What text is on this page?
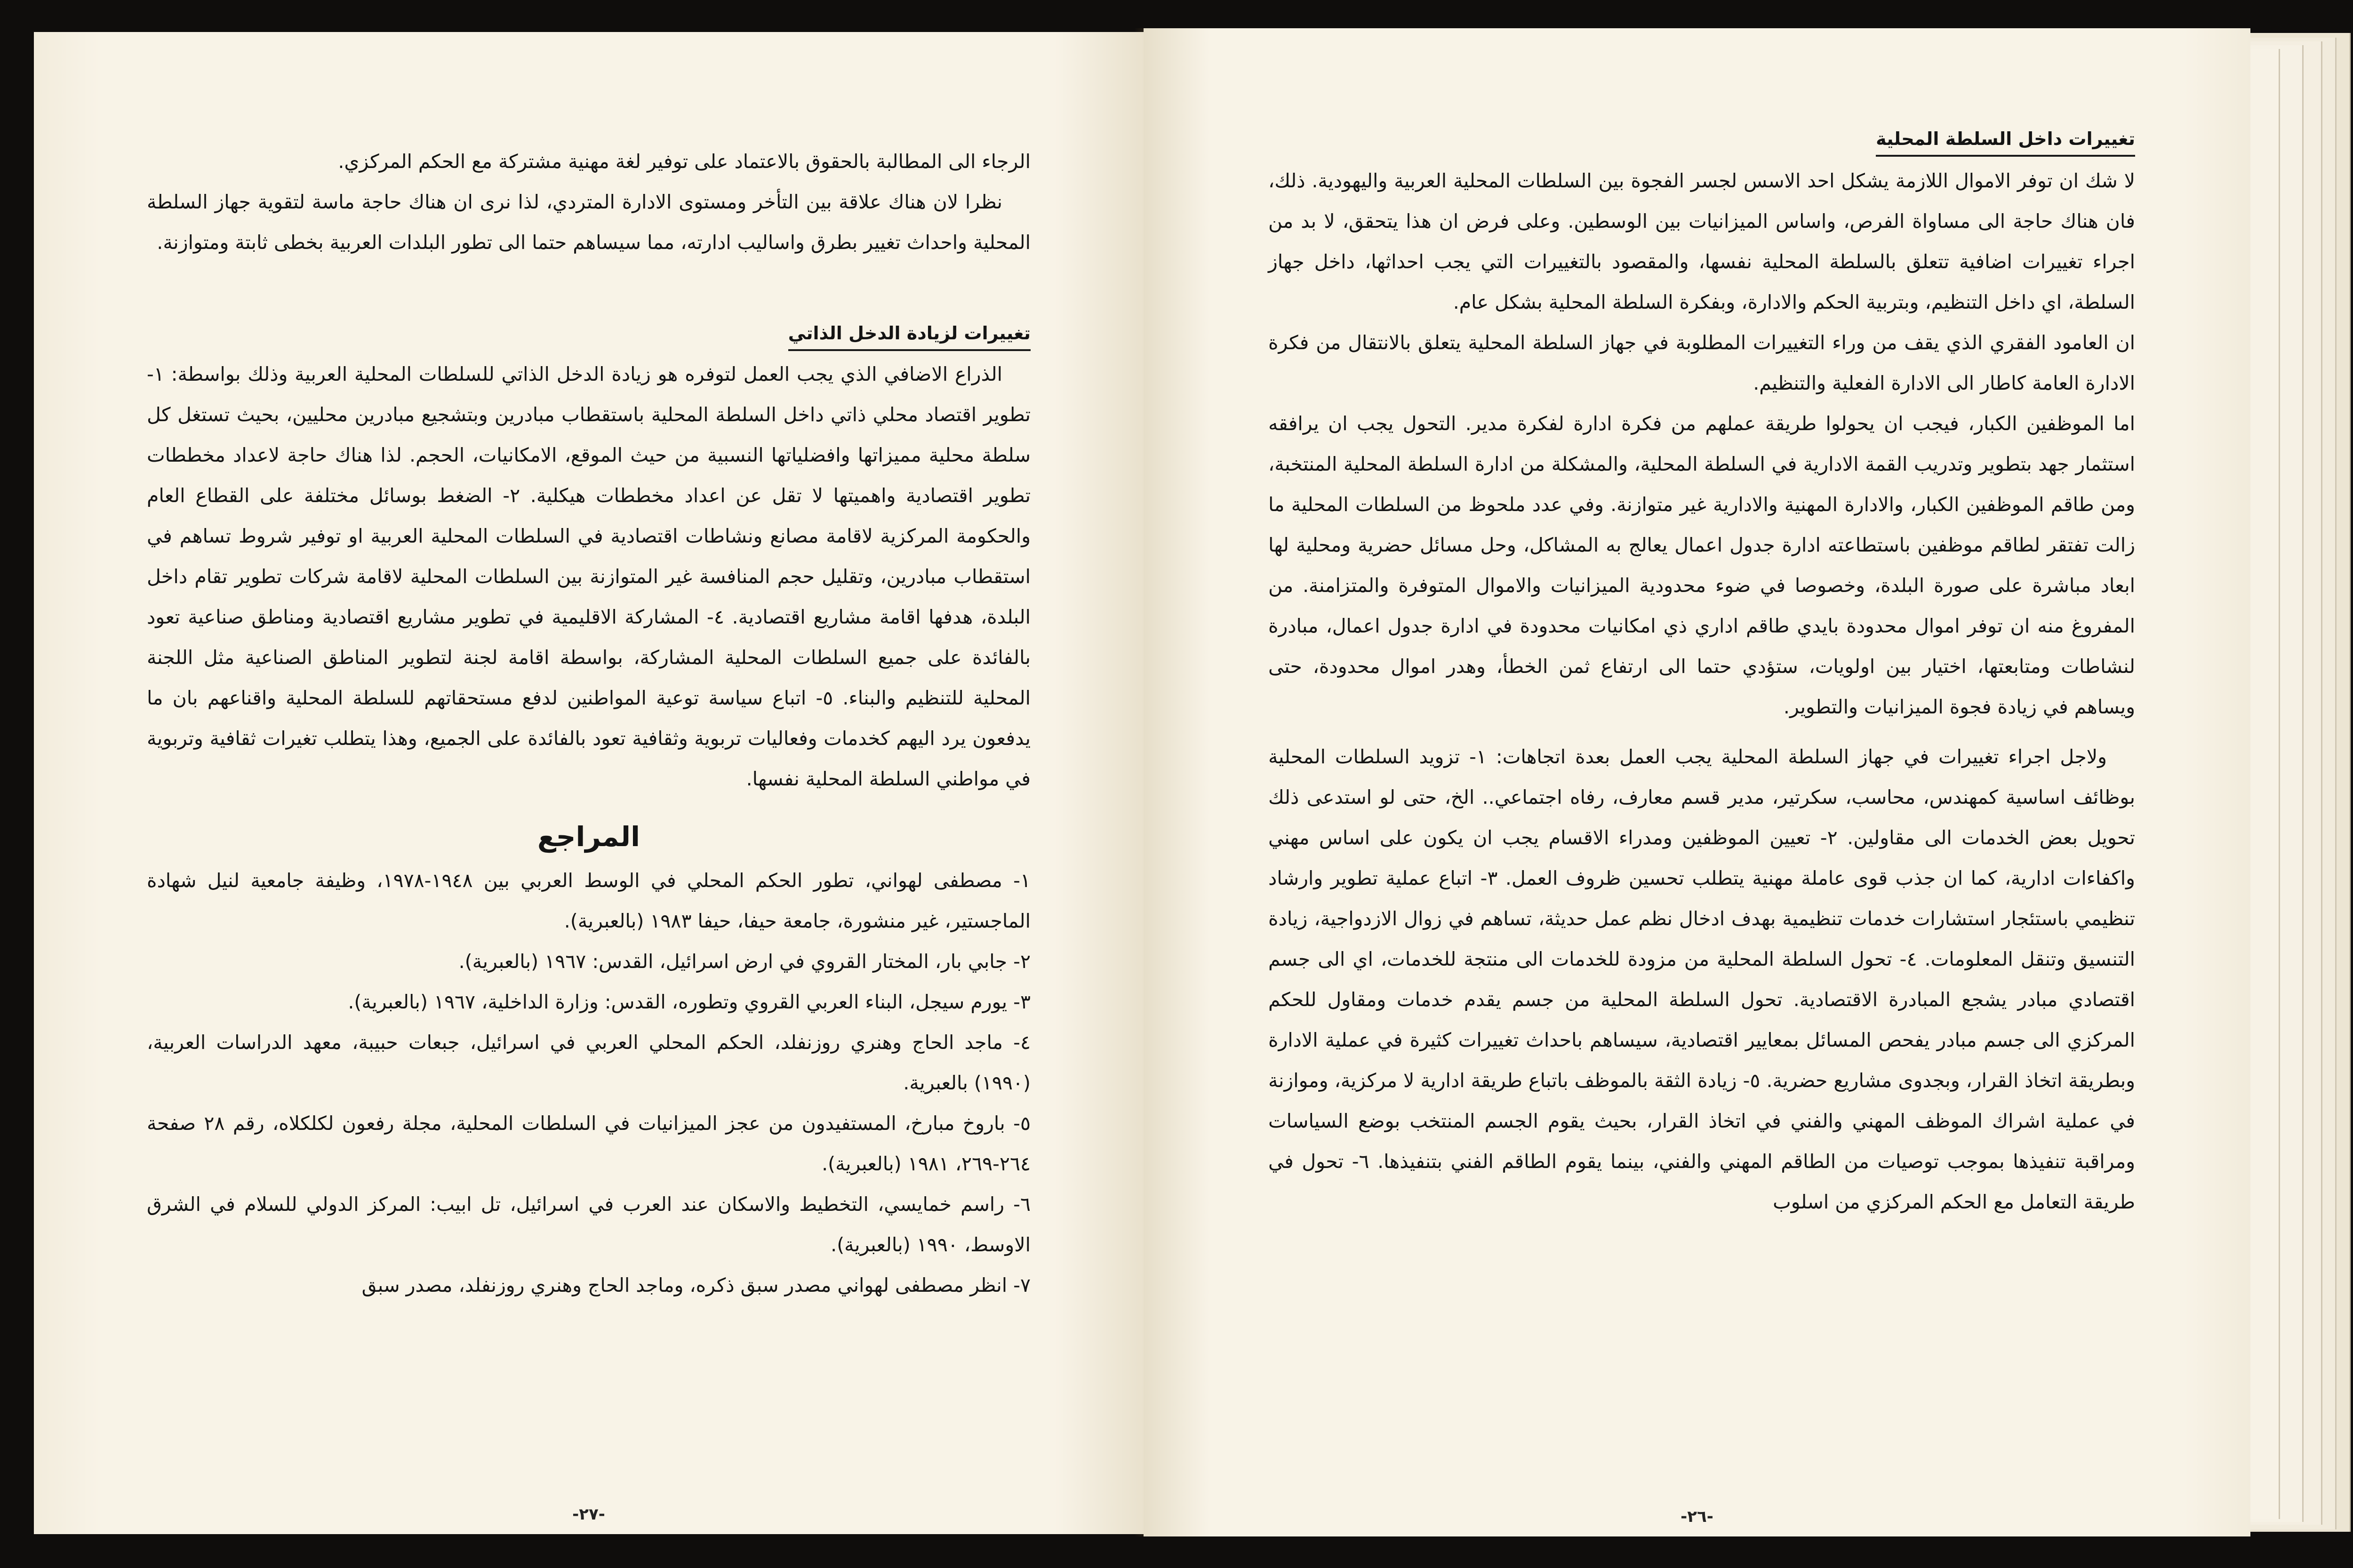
الرجاء الى المطالبة بالحقوق بالاعتماد على توفير لغة مهنية مشتركة مع الحكم المركزي.

نظرا لان هناك علاقة بين التأخر ومستوى الادارة المتردي، لذا نرى ان هناك حاجة ماسة لتقوية جهاز السلطة المحلية واحداث تغيير بطرق واساليب ادارته، مما سيساهم حتما الى تطور البلدات العربية بخطى ثابتة ومتوازنة.

تغييرات لزيادة الدخل الذاتي

الذراع الاضافي الذي يجب العمل لتوفره هو زيادة الدخل الذاتي للسلطات المحلية العربية وذلك بواسطة: ١- تطوير اقتصاد محلي ذاتي داخل السلطة المحلية باستقطاب مبادرين وبتشجيع مبادرين محليين، بحيث تستغل كل سلطة محلية مميزاتها وافضلياتها النسبية من حيث الموقع، الامكانيات، الحجم. لذا هناك حاجة لاعداد مخططات تطوير اقتصادية واهميتها لا تقل عن اعداد مخططات هيكلية. ٢- الضغط بوسائل مختلفة على القطاع العام والحكومة المركزية لاقامة مصانع ونشاطات اقتصادية في السلطات المحلية العربية او توفير شروط تساهم في استقطاب مبادرين، وتقليل حجم المنافسة غير المتوازنة بين السلطات المحلية لاقامة شركات تطوير تقام داخل البلدة، هدفها اقامة مشاريع اقتصادية. ٤- المشاركة الاقليمية في تطوير مشاريع اقتصادية ومناطق صناعية تعود بالفائدة على جميع السلطات المحلية المشاركة، بواسطة اقامة لجنة لتطوير المناطق الصناعية مثل اللجنة المحلية للتنظيم والبناء. ٥- اتباع سياسة توعية المواطنين لدفع مستحقاتهم للسلطة المحلية واقناعهم بان ما يدفعون يرد اليهم كخدمات وفعاليات تربوية وثقافية تعود بالفائدة على الجميع، وهذا يتطلب تغيرات ثقافية وتربوية في مواطني السلطة المحلية نفسها.

المراجع

١- مصطفى لهواني، تطور الحكم المحلي في الوسط العربي بين ١٩٤٨-١٩٧٨، وظيفة جامعية لنيل شهادة الماجستير، غير منشورة، جامعة حيفا، حيفا ١٩٨٣ (بالعبرية).

٢- جابي بار، المختار القروي في ارض اسرائيل، القدس: ١٩٦٧ (بالعبرية).

٣- يورم سيجل، البناء العربي القروي وتطوره، القدس: وزارة الداخلية، ١٩٦٧ (بالعبرية).

٤- ماجد الحاج وهنري روزنفلد، الحكم المحلي العربي في اسرائيل، جبعات حبيبة، معهد الدراسات العربية، (١٩٩٠) بالعبرية.

٥- باروخ مبارخ، المستفيدون من عجز الميزانيات في السلطات المحلية، مجلة رفعون لكلكلاه، رقم ٢٨ صفحة ٢٦٤-٢٦٩، ١٩٨١ (بالعبرية).

٦- راسم خمايسي، التخطيط والاسكان عند العرب في اسرائيل، تل ابيب: المركز الدولي للسلام في الشرق الاوسط، ١٩٩٠ (بالعبرية).

٧- انظر مصطفى لهواني مصدر سبق ذكره، وماجد الحاج وهنري روزنفلد، مصدر سبق

-٢٧-
تغييرات داخل السلطة المحلية

لا شك ان توفر الاموال اللازمة يشكل احد الاسس لجسر الفجوة بين السلطات المحلية العربية واليهودية. ذلك، فان هناك حاجة الى مساواة الفرص، واساس الميزانيات بين الوسطين. وعلى فرض ان هذا يتحقق، لا بد من اجراء تغييرات اضافية تتعلق بالسلطة المحلية نفسها، والمقصود بالتغييرات التي يجب احداثها، داخل جهاز السلطة، اي داخل التنظيم، وبتربية الحكم والادارة، وبفكرة السلطة المحلية بشكل عام.

ان العامود الفقري الذي يقف من وراء التغييرات المطلوبة في جهاز السلطة المحلية يتعلق بالانتقال من فكرة الادارة العامة كاطار الى الادارة الفعلية والتنظيم.

اما الموظفين الكبار، فيجب ان يحولوا طريقة عملهم من فكرة ادارة لفكرة مدير. التحول يجب ان يرافقه استثمار جهد بتطوير وتدريب القمة الادارية في السلطة المحلية، والمشكلة من ادارة السلطة المحلية المنتخبة، ومن طاقم الموظفين الكبار، والادارة المهنية والادارية غير متوازنة. وفي عدد ملحوظ من السلطات المحلية ما زالت تفتقر لطاقم موظفين باستطاعته ادارة جدول اعمال يعالج به المشاكل، وحل مسائل حضرية ومحلية لها ابعاد مباشرة على صورة البلدة، وخصوصا في ضوء محدودية الميزانيات والاموال المتوفرة والمتزامنة. من المفروغ منه ان توفر اموال محدودة بايدي طاقم اداري ذي امكانيات محدودة في ادارة جدول اعمال، مبادرة لنشاطات ومتابعتها، اختيار بين اولويات، ستؤدي حتما الى ارتفاع ثمن الخطأ، وهدر اموال محدودة، حتى ويساهم في زيادة فجوة الميزانيات والتطوير.

ولاجل اجراء تغييرات في جهاز السلطة المحلية يجب العمل بعدة اتجاهات: ١- تزويد السلطات المحلية بوظائف اساسية كمهندس، محاسب، سكرتير، مدير قسم معارف، رفاه اجتماعي.. الخ، حتى لو استدعى ذلك تحويل بعض الخدمات الى مقاولين. ٢- تعيين الموظفين ومدراء الاقسام يجب ان يكون على اساس مهني واكفاءات ادارية، كما ان جذب قوى عاملة مهنية يتطلب تحسين ظروف العمل. ٣- اتباع عملية تطوير وارشاد تنظيمي باستئجار استشارات خدمات تنظيمية بهدف ادخال نظم عمل حديثة، تساهم في زوال الازدواجية، زيادة التنسيق وتنقل المعلومات. ٤- تحول السلطة المحلية من مزودة للخدمات الى منتجة للخدمات، اي الى جسم اقتصادي مبادر يشجع المبادرة الاقتصادية. تحول السلطة المحلية من جسم يقدم خدمات ومقاول للحكم المركزي الى جسم مبادر يفحص المسائل بمعايير اقتصادية، سيساهم باحداث تغييرات كثيرة في عملية الادارة وبطريقة اتخاذ القرار، وبجدوى مشاريع حضرية. ٥- زيادة الثقة بالموظف باتباع طريقة ادارية لا مركزية، وموازنة في عملية اشراك الموظف المهني والفني في اتخاذ القرار، بحيث يقوم الجسم المنتخب بوضع السياسات ومراقبة تنفيذها بموجب توصيات من الطاقم المهني والفني، بينما يقوم الطاقم الفني بتنفيذها. ٦- تحول في طريقة التعامل مع الحكم المركزي من اسلوب

-٢٦-
